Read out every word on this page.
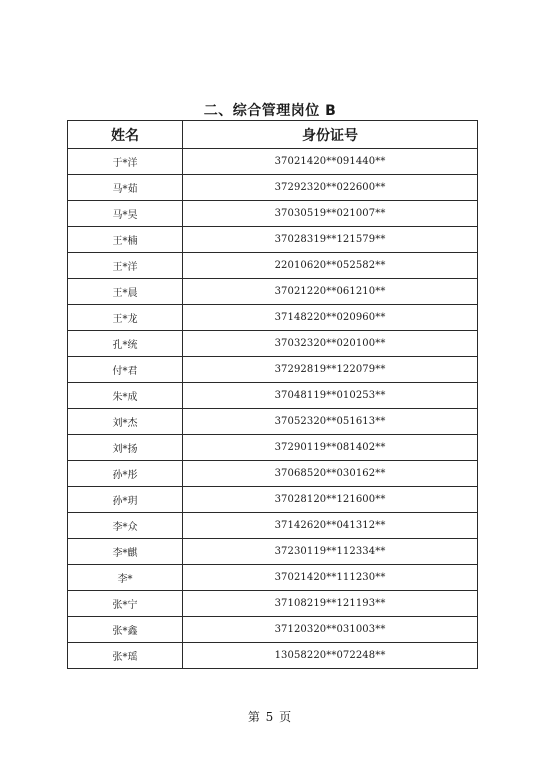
二、综合管理岗位 B
姓名	身份证号
于*洋	37021420**091440**
马*茹	37292320**022600**
马*昊	37030519**021007**
王*楠	37028319**121579**
王*洋	22010620**052582**
王*晨	37021220**061210**
王*龙	37148220**020960**
孔*统	37032320**020100**
付*君	37292819**122079**
朱*成	37048119**010253**
刘*杰	37052320**051613**
刘*扬	37290119**081402**
孙*彤	37068520**030162**
孙*玥	37028120**121600**
李*众	37142620**041312**
李*麒	37230119**112334**
李*	37021420**111230**
张*宁	37108219**121193**
张*鑫	37120320**031003**
张*瑶	13058220**072248**
第 5 页
